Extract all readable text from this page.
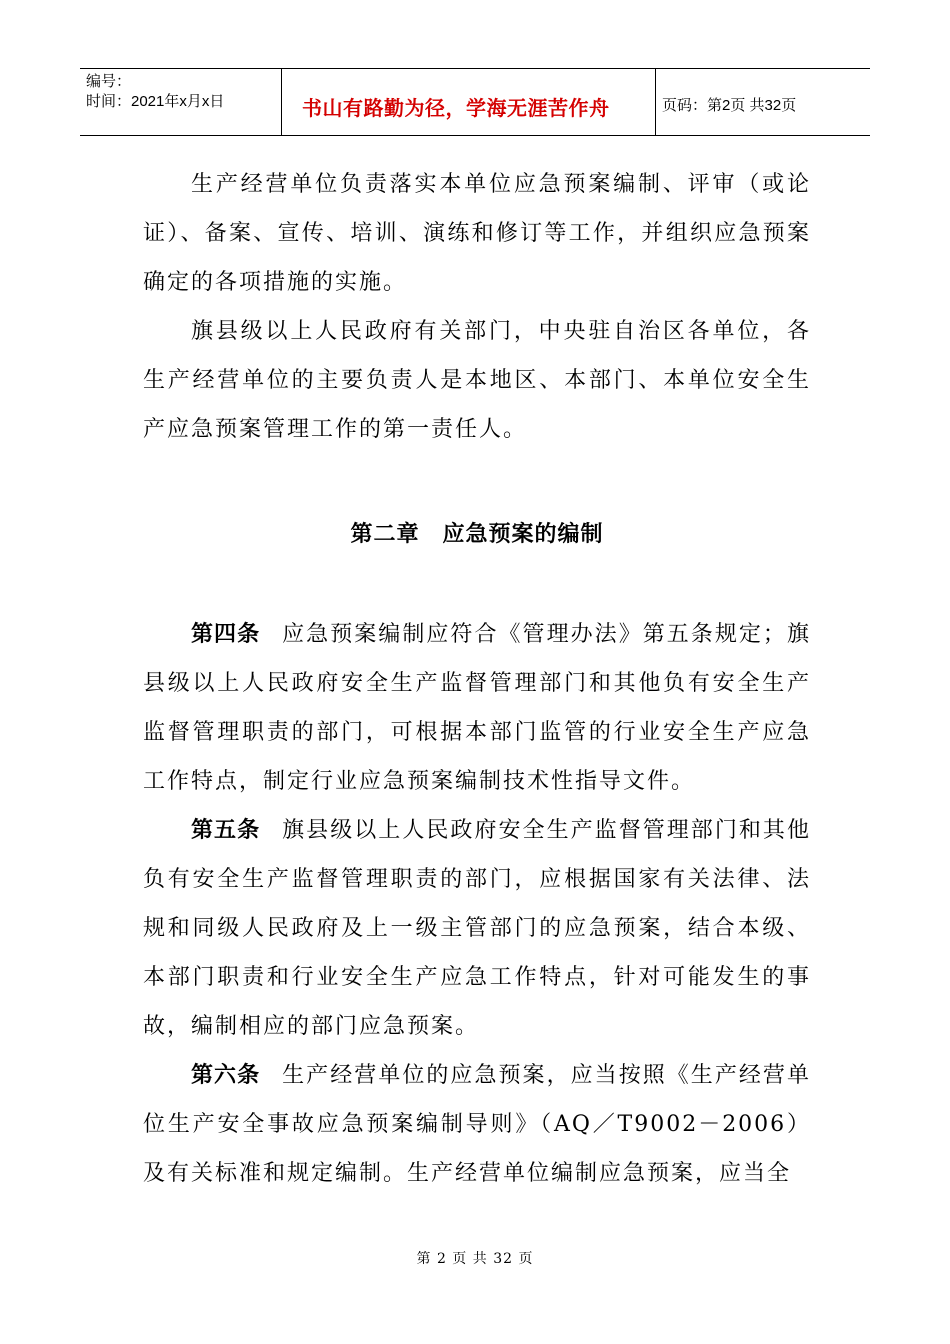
编号：
时间：2021年x月x日	书山有路勤为径，学海无涯苦作舟	页码：第2页 共32页

生产经营单位负责落实本单位应急预案编制、评审（或论证）、备案、宣传、培训、演练和修订等工作，并组织应急预案确定的各项措施的实施。

旗县级以上人民政府有关部门，中央驻自治区各单位，各生产经营单位的主要负责人是本地区、本部门、本单位安全生产应急预案管理工作的第一责任人。

第二章　应急预案的编制

第四条 应急预案编制应符合《管理办法》第五条规定；旗县级以上人民政府安全生产监督管理部门和其他负有安全生产监督管理职责的部门，可根据本部门监管的行业安全生产应急工作特点，制定行业应急预案编制技术性指导文件。

第五条 旗县级以上人民政府安全生产监督管理部门和其他负有安全生产监督管理职责的部门，应根据国家有关法律、法规和同级人民政府及上一级主管部门的应急预案，结合本级、本部门职责和行业安全生产应急工作特点，针对可能发生的事故，编制相应的部门应急预案。

第六条 生产经营单位的应急预案，应当按照《生产经营单位生产安全事故应急预案编制导则》（AQ／T9002－2006）及有关标准和规定编制。生产经营单位编制应急预案，应当全

第 2 页 共 32 页
